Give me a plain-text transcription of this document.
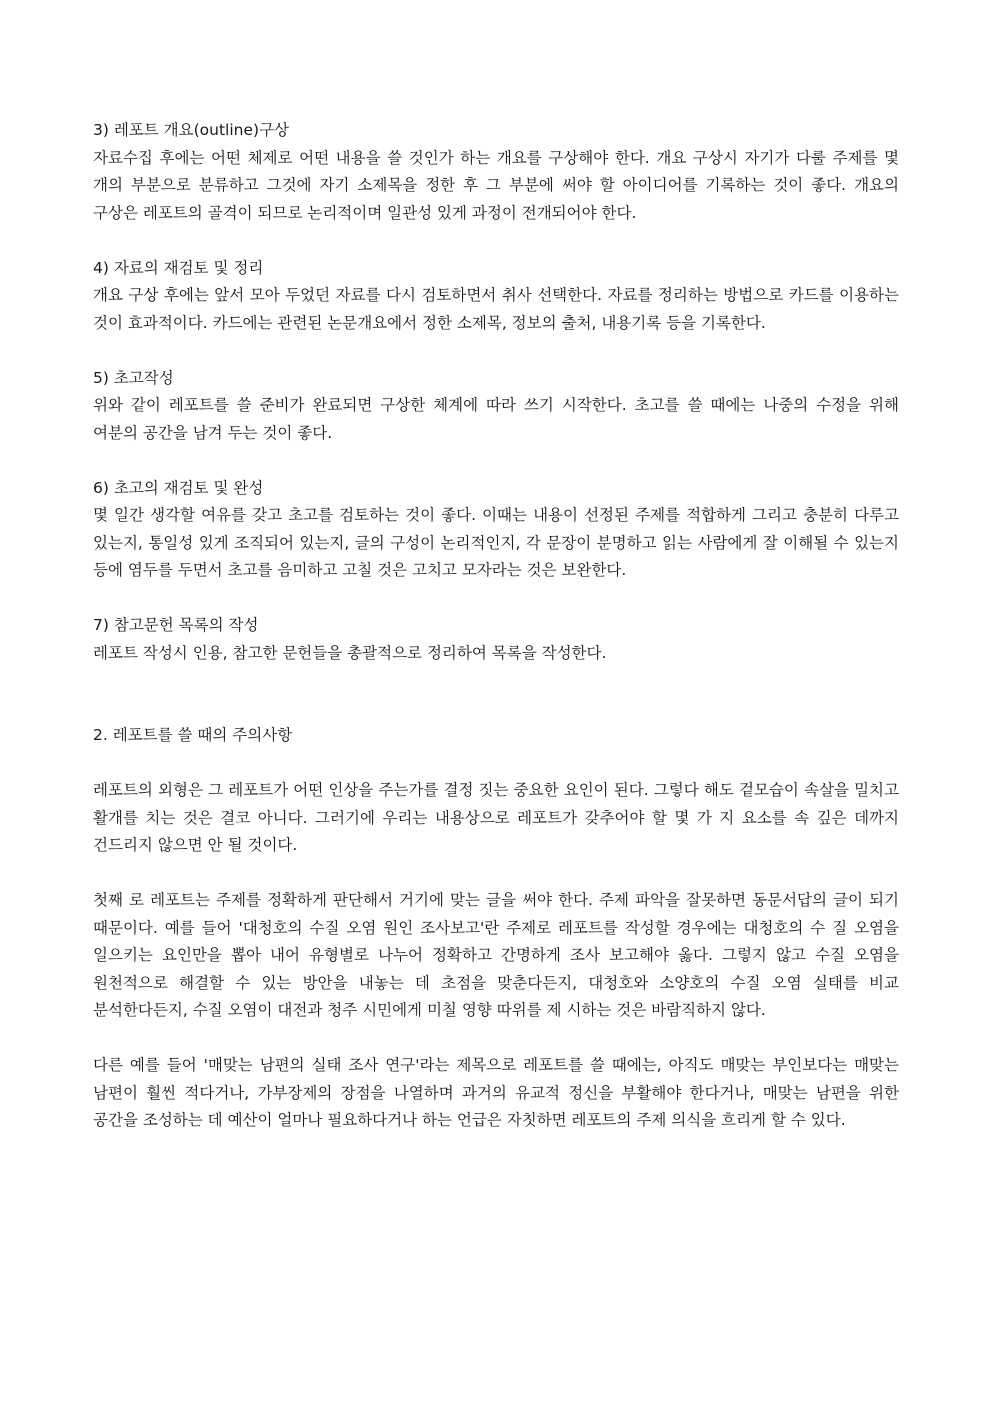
3) 레포트 개요(outline)구상

자료수집 후에는 어떤 체제로 어떤 내용을 쓸 것인가 하는 개요를 구상해야 한다. 개요 구상시 자기가 다룰 주제를 몇 개의 부분으로 분류하고 그것에 자기 소제목을 정한 후 그 부분에 써야 할 아이디어를 기록하는 것이 좋다. 개요의 구상은 레포트의 골격이 되므로 논리적이며 일관성 있게 과정이 전개되어야 한다.

4) 자료의 재검토 및 정리

개요 구상 후에는 앞서 모아 두었던 자료를 다시 검토하면서 취사 선택한다. 자료를 정리하는 방법으로 카드를 이용하는 것이 효과적이다. 카드에는 관련된 논문개요에서 정한 소제목, 정보의 출처, 내용기록 등을 기록한다.

5) 초고작성

위와 같이 레포트를 쓸 준비가 완료되면 구상한 체계에 따라 쓰기 시작한다. 초고를 쓸 때에는 나중의 수정을 위해 여분의 공간을 남겨 두는 것이 좋다.

6) 초고의 재검토 및 완성

몇 일간 생각할 여유를 갖고 초고를 검토하는 것이 좋다. 이때는 내용이 선정된 주제를 적합하게 그리고 충분히 다루고 있는지, 통일성 있게 조직되어 있는지, 글의 구성이 논리적인지, 각 문장이 분명하고 읽는 사람에게 잘 이해될 수 있는지 등에 염두를 두면서 초고를 음미하고 고칠 것은 고치고 모자라는 것은 보완한다.

7) 참고문헌 목록의 작성

레포트 작성시 인용, 참고한 문헌들을 총괄적으로 정리하여 목록을 작성한다.

2. 레포트를 쓸 때의 주의사항

레포트의 외형은 그 레포트가 어떤 인상을 주는가를 결정 짓는 중요한 요인이 된다. 그렇다 해도 겉모습이 속살을 밀치고 활개를 치는 것은 결코 아니다. 그러기에 우리는 내용상으로 레포트가 갖추어야 할 몇 가 지 요소를 속 깊은 데까지 건드리지 않으면 안 될 것이다.

첫째 로 레포트는 주제를 정확하게 판단해서 거기에 맞는 글을 써야 한다. 주제 파악을 잘못하면 동문서답의 글이 되기 때문이다. 예를 들어 '대청호의 수질 오염 원인 조사보고'란 주제로 레포트를 작성할 경우에는 대청호의 수 질 오염을 일으키는 요인만을 뽑아 내어 유형별로 나누어 정확하고 간명하게 조사 보고해야 옳다. 그렇지 않고 수질 오염을 원천적으로 해결할 수 있는 방안을 내놓는 데 초점을 맞춘다든지, 대청호와 소양호의 수질 오염 실태를 비교 분석한다든지, 수질 오염이 대전과 청주 시민에게 미칠 영향 따위를 제 시하는 것은 바람직하지 않다.

다른 예를 들어 '매맞는 남편의 실태 조사 연구'라는 제목으로 레포트를 쓸 때에는, 아직도 매맞는 부인보다는 매맞는 남편이 훨씬 적다거나, 가부장제의 장점을 나열하며 과거의 유교적 정신을 부활해야 한다거나, 매맞는 남편을 위한 공간을 조성하는 데 예산이 얼마나 필요하다거나 하는 언급은 자칫하면 레포트의 주제 의식을 흐리게 할 수 있다.
